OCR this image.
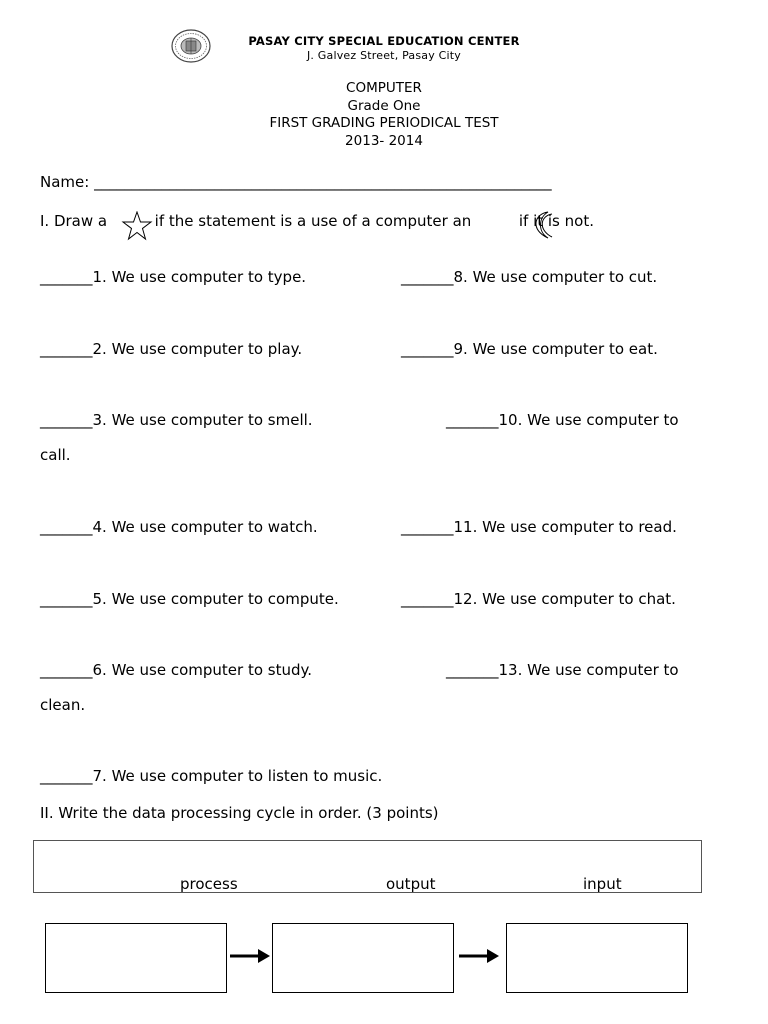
PASAY CITY SPECIAL EDUCATION CENTER
J. Galvez Street, Pasay City
COMPUTER
Grade One
FIRST GRADING PERIODICAL TEST
2013- 2014
Name: _____________________________________________________________
I. Draw a	if the statement is a use of a computer an	if it is not.
_______1. We use computer to type.
_______2. We use computer to play.
_______3. We use computer to smell.
call.
_______4. We use computer to watch.
_______5. We use computer to compute.
_______6. We use computer to study.
clean.
_______7. We use computer to listen to music.
_______8. We use computer to cut.
_______9. We use computer to eat.
_______10. We use computer to
_______11. We use computer to read.
_______12. We use computer to chat.
_______13. We use computer to
II. Write the data processing cycle in order. (3 points)
process	output	input
